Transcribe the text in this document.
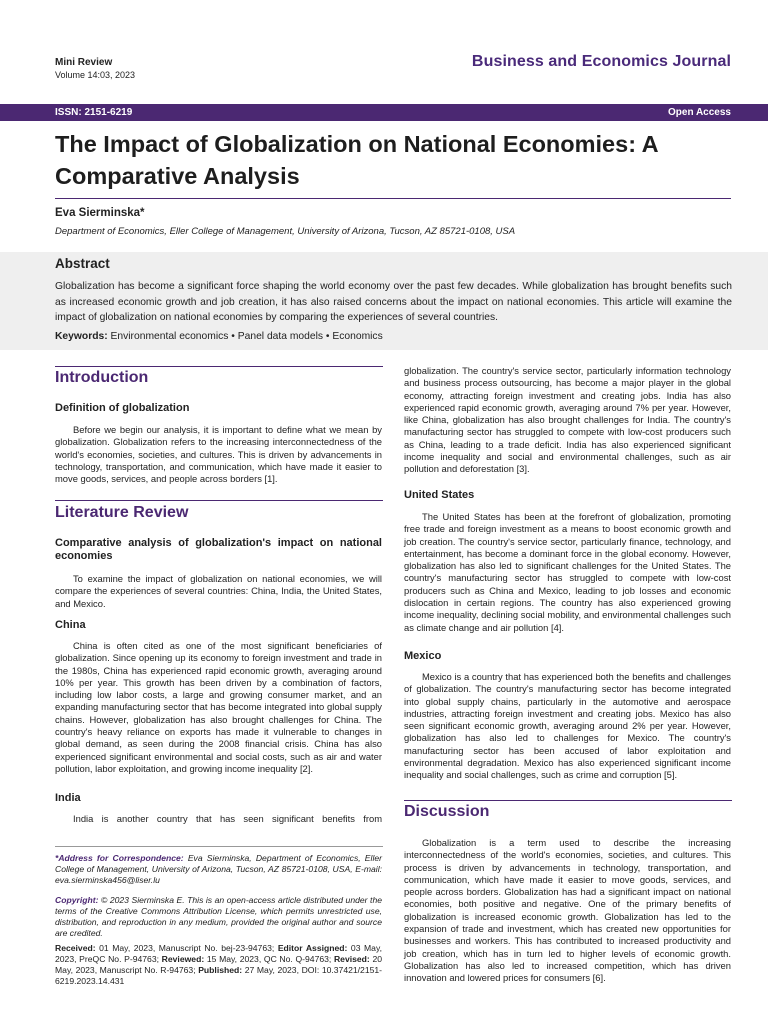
Mini Review
Volume 14:03, 2023
Business and Economics Journal
ISSN: 2151-6219	Open Access
The Impact of Globalization on National Economies: A Comparative Analysis
Eva Sierminska*
Department of Economics, Eller College of Management, University of Arizona, Tucson, AZ 85721-0108, USA
Abstract
Globalization has become a significant force shaping the world economy over the past few decades. While globalization has brought benefits such as increased economic growth and job creation, it has also raised concerns about the impact on national economies. This article will examine the impact of globalization on national economies by comparing the experiences of several countries.
Keywords: Environmental economics • Panel data models • Economics
Introduction
Definition of globalization

Before we begin our analysis, it is important to define what we mean by globalization. Globalization refers to the increasing interconnectedness of the world's economies, societies, and cultures. This is driven by advancements in technology, transportation, and communication, which have made it easier to move goods, services, and people across borders [1].

Literature Review
Comparative analysis of globalization's impact on national economies

To examine the impact of globalization on national economies, we will compare the experiences of several countries: China, India, the United States, and Mexico.

China

China is often cited as one of the most significant beneficiaries of globalization. Since opening up its economy to foreign investment and trade in the 1980s, China has experienced rapid economic growth, averaging around 10% per year. This growth has been driven by a combination of factors, including low labor costs, a large and growing consumer market, and an expanding manufacturing sector that has become integrated into global supply chains. However, globalization has also brought challenges for China. The country's heavy reliance on exports has made it vulnerable to changes in global demand, as seen during the 2008 financial crisis. China has also experienced significant environmental and social costs, such as air and water pollution, labor exploitation, and growing income inequality [2].

India

India is another country that has seen significant benefits from

*Address for Correspondence: Eva Sierminska, Department of Economics, Eller College of Management, University of Arizona, Tucson, AZ 85721-0108, USA, E-mail: eva.sierminska456@liser.lu
Copyright: © 2023 Sierminska E. This is an open-access article distributed under the terms of the Creative Commons Attribution License, which permits unrestricted use, distribution, and reproduction in any medium, provided the original author and source are credited.
Received: 01 May, 2023, Manuscript No. bej-23-94763; Editor Assigned: 03 May, 2023, PreQC No. P-94763; Reviewed: 15 May, 2023, QC No. Q-94763; Revised: 20 May, 2023, Manuscript No. R-94763; Published: 27 May, 2023, DOI: 10.37421/2151-6219.2023.14.431

globalization. The country's service sector, particularly information technology and business process outsourcing, has become a major player in the global economy, attracting foreign investment and creating jobs. India has also experienced rapid economic growth, averaging around 7% per year. However, like China, globalization has also brought challenges for India. The country's manufacturing sector has struggled to compete with low-cost producers such as China, leading to a trade deficit. India has also experienced significant income inequality and social and environmental challenges, such as air pollution and deforestation [3].

United States

The United States has been at the forefront of globalization, promoting free trade and foreign investment as a means to boost economic growth and job creation. The country's service sector, particularly finance, technology, and entertainment, has become a dominant force in the global economy. However, globalization has also led to significant challenges for the United States. The country's manufacturing sector has struggled to compete with low-cost producers such as China and Mexico, leading to job losses and economic dislocation in certain regions. The country has also experienced growing income inequality, declining social mobility, and environmental challenges such as climate change and air pollution [4].

Mexico

Mexico is a country that has experienced both the benefits and challenges of globalization. The country's manufacturing sector has become integrated into global supply chains, particularly in the automotive and aerospace industries, attracting foreign investment and creating jobs. Mexico has also seen significant economic growth, averaging around 2% per year. However, globalization has also led to challenges for Mexico. The country's manufacturing sector has been accused of labor exploitation and environmental degradation. Mexico has also experienced significant income inequality and social challenges, such as crime and corruption [5].

Discussion

Globalization is a term used to describe the increasing interconnectedness of the world's economies, societies, and cultures. This process is driven by advancements in technology, transportation, and communication, which have made it easier to move goods, services, and people across borders. Globalization has had a significant impact on national economies, both positive and negative. One of the primary benefits of globalization is increased economic growth. Globalization has led to the expansion of trade and investment, which has created new opportunities for businesses and workers. This has contributed to increased productivity and job creation, which has in turn led to higher levels of economic growth. Globalization has also led to increased competition, which has driven innovation and lowered prices for consumers [6].
